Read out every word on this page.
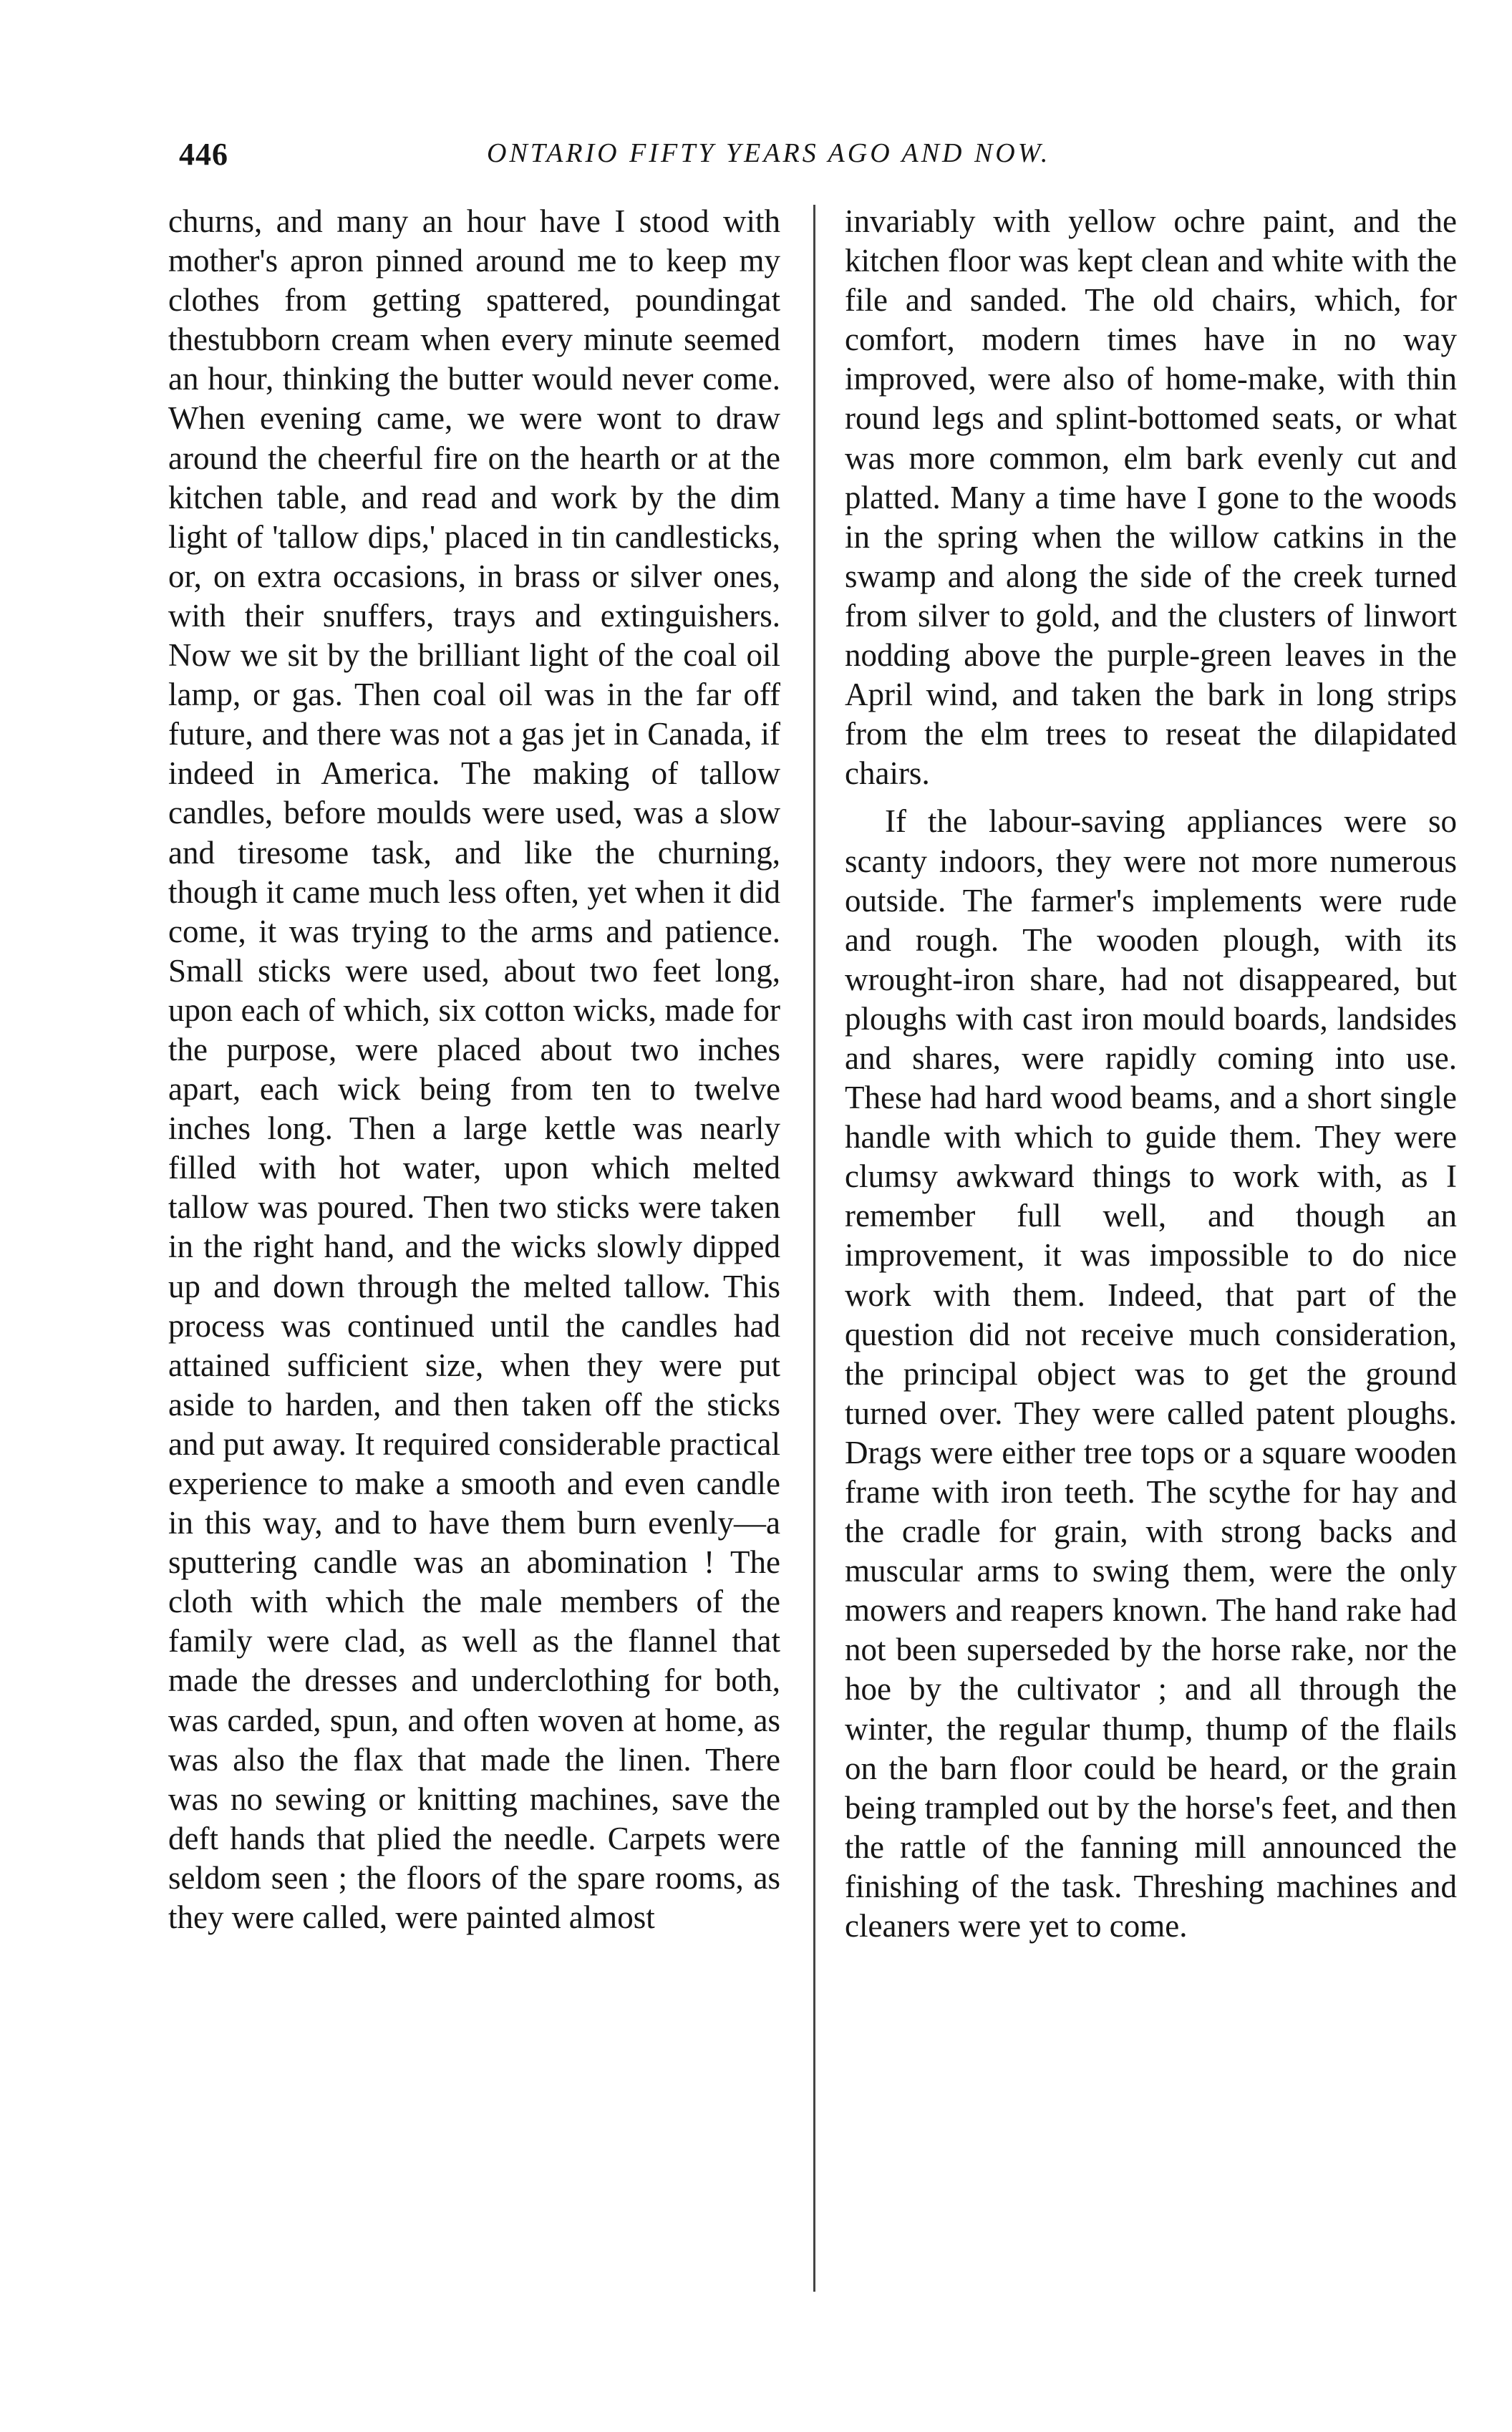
446	ONTARIO FIFTY YEARS AGO AND NOW.

churns, and many an hour have I stood with mother's apron pinned around me to keep my clothes from getting spattered, poundingat thestubborn cream when every minute seemed an hour, thinking the butter would never come. When evening came, we were wont to draw around the cheerful fire on the hearth or at the kitchen table, and read and work by the dim light of 'tallow dips,' placed in tin candlesticks, or, on extra occasions, in brass or silver ones, with their snuffers, trays and extinguishers. Now we sit by the brilliant light of the coal oil lamp, or gas. Then coal oil was in the far off future, and there was not a gas jet in Canada, if indeed in America. The making of tallow candles, before moulds were used, was a slow and tiresome task, and like the churning, though it came much less often, yet when it did come, it was trying to the arms and patience. Small sticks were used, about two feet long, upon each of which, six cotton wicks, made for the purpose, were placed about two inches apart, each wick being from ten to twelve inches long. Then a large kettle was nearly filled with hot water, upon which melted tallow was poured. Then two sticks were taken in the right hand, and the wicks slowly dipped up and down through the melted tallow. This process was continued until the candles had attained sufficient size, when they were put aside to harden, and then taken off the sticks and put away. It required considerable practical experience to make a smooth and even candle in this way, and to have them burn evenly—a sputtering candle was an abomination ! The cloth with which the male members of the family were clad, as well as the flannel that made the dresses and underclothing for both, was carded, spun, and often woven at home, as was also the flax that made the linen. There was no sewing or knitting machines, save the deft hands that plied the needle. Carpets were seldom seen ; the floors of the spare rooms, as they were called, were painted almost

invariably with yellow ochre paint, and the kitchen floor was kept clean and white with the file and sanded. The old chairs, which, for comfort, modern times have in no way improved, were also of home-make, with thin round legs and splint-bottomed seats, or what was more common, elm bark evenly cut and platted. Many a time have I gone to the woods in the spring when the willow catkins in the swamp and along the side of the creek turned from silver to gold, and the clusters of linwort nodding above the purple-green leaves in the April wind, and taken the bark in long strips from the elm trees to reseat the dilapidated chairs.

If the labour-saving appliances were so scanty indoors, they were not more numerous outside. The farmer's implements were rude and rough. The wooden plough, with its wrought-iron share, had not disappeared, but ploughs with cast iron mould boards, landsides and shares, were rapidly coming into use. These had hard wood beams, and a short single handle with which to guide them. They were clumsy awkward things to work with, as I remember full well, and though an improvement, it was impossible to do nice work with them. Indeed, that part of the question did not receive much consideration, the principal object was to get the ground turned over. They were called patent ploughs. Drags were either tree tops or a square wooden frame with iron teeth. The scythe for hay and the cradle for grain, with strong backs and muscular arms to swing them, were the only mowers and reapers known. The hand rake had not been superseded by the horse rake, nor the hoe by the cultivator ; and all through the winter, the regular thump, thump of the flails on the barn floor could be heard, or the grain being trampled out by the horse's feet, and then the rattle of the fanning mill announced the finishing of the task. Threshing machines and cleaners were yet to come.
